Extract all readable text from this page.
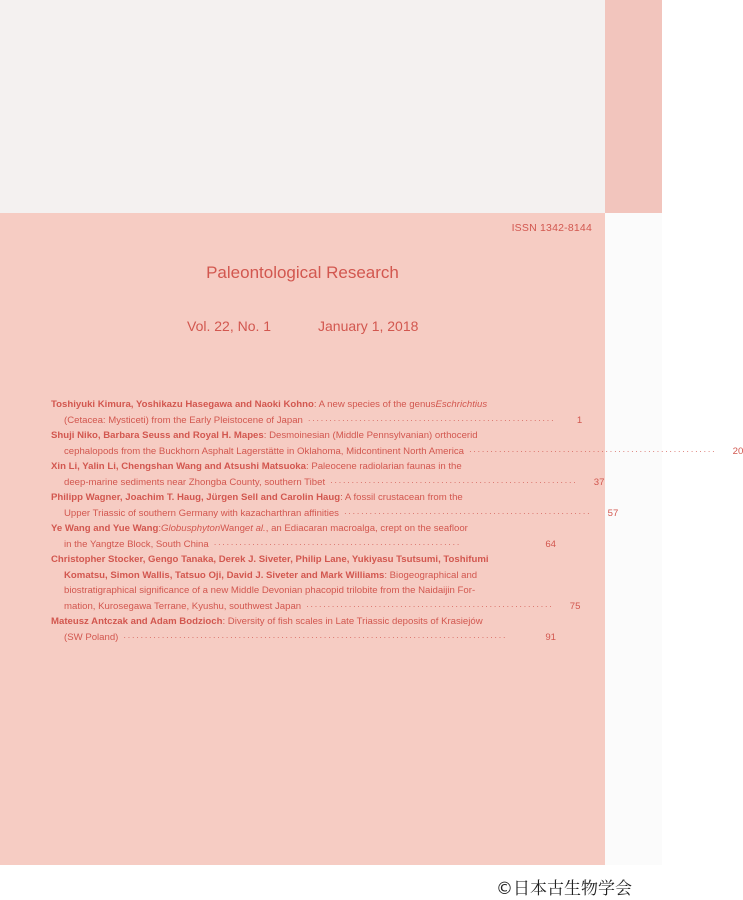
ISSN 1342-8144
Paleontological Research
Vol. 22, No. 1	January 1, 2018
Toshiyuki Kimura, Yoshikazu Hasegawa and Naoki Kohno : A new species of the genus Eschrichtius
(Cetacea: Mysticeti) from the Early Pleistocene of Japan ··························································	1
Shuji Niko, Barbara Seuss and Royal H. Mapes : Desmoinesian (Middle Pennsylvanian) orthocerid
cephalopods from the Buckhorn Asphalt Lagerstätte in Oklahoma, Midcontinent North America ··························································	20
Xin Li, Yalin Li, Chengshan Wang and Atsushi Matsuoka : Paleocene radiolarian faunas in the
deep-marine sediments near Zhongba County, southern Tibet ··························································	37
Philipp Wagner, Joachim T. Haug, Jürgen Sell and Carolin Haug : A fossil crustacean from the
Upper Triassic of southern Germany with kazacharthran affinities ··························································	57
Ye Wang and Yue Wang : Globusphyton Wang et al. , an Ediacaran macroalga, crept on the seafloor
in the Yangtze Block, South China ··························································	64
Christopher Stocker, Gengo Tanaka, Derek J. Siveter, Philip Lane, Yukiyasu Tsutsumi, Toshifumi
Komatsu, Simon Wallis, Tatsuo Oji, David J. Siveter and Mark Williams : Biogeographical and
biostratigraphical significance of a new Middle Devonian phacopid trilobite from the Naidaijin For-
mation, Kurosegawa Terrane, Kyushu, southwest Japan ··························································	75
Mateusz Antczak and Adam Bodzioch : Diversity of fish scales in Late Triassic deposits of Krasiejów
(SW Poland) ··························································································	91
©日本古生物学会
